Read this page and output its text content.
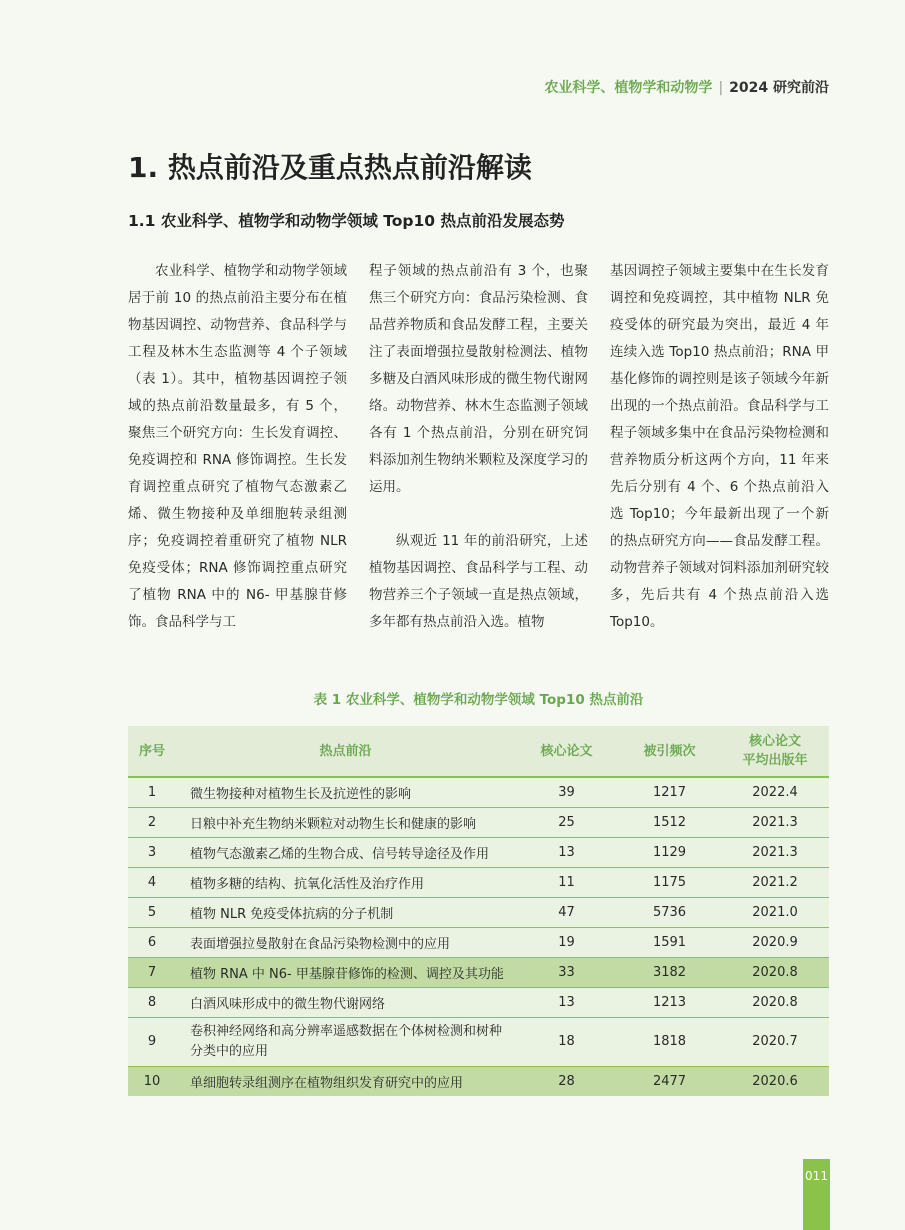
农业科学、植物学和动物学 | 2024 研究前沿
1. 热点前沿及重点热点前沿解读
1.1 农业科学、植物学和动物学领域 Top10 热点前沿发展态势

农业科学、植物学和动物学领域居于前 10 的热点前沿主要分布在植物基因调控、动物营养、食品科学与工程及林木生态监测等 4 个子领域（表 1）。其中，植物基因调控子领域的热点前沿数量最多，有 5 个，聚焦三个研究方向：生长发育调控、免疫调控和 RNA 修饰调控。生长发育调控重点研究了植物气态激素乙烯、微生物接种及单细胞转录组测序；免疫调控着重研究了植物 NLR 免疫受体；RNA 修饰调控重点研究了植物 RNA 中的 N6- 甲基腺苷修饰。食品科学与工

程子领域的热点前沿有 3 个，也聚焦三个研究方向：食品污染检测、食品营养物质和食品发酵工程，主要关注了表面增强拉曼散射检测法、植物多糖及白酒风味形成的微生物代谢网络。动物营养、林木生态监测子领域各有 1 个热点前沿，分别在研究饲料添加剂生物纳米颗粒及深度学习的运用。

纵观近 11 年的前沿研究，上述植物基因调控、食品科学与工程、动物营养三个子领域一直是热点领域，多年都有热点前沿入选。植物

基因调控子领域主要集中在生长发育调控和免疫调控，其中植物 NLR 免疫受体的研究最为突出，最近 4 年连续入选 Top10 热点前沿；RNA 甲基化修饰的调控则是该子领域今年新出现的一个热点前沿。食品科学与工程子领域多集中在食品污染物检测和营养物质分析这两个方向，11 年来先后分别有 4 个、6 个热点前沿入选 Top10；今年最新出现了一个新的热点研究方向——食品发酵工程。动物营养子领域对饲料添加剂研究较多，先后共有 4 个热点前沿入选 Top10。

表 1 农业科学、植物学和动物学领域 Top10 热点前沿
序号	热点前沿	核心论文	被引频次	核心论文
平均出版年
1	微生物接种对植物生长及抗逆性的影响	39	1217	2022.4
2	日粮中补充生物纳米颗粒对动物生长和健康的影响	25	1512	2021.3
3	植物气态激素乙烯的生物合成、信号转导途径及作用	13	1129	2021.3
4	植物多糖的结构、抗氧化活性及治疗作用	11	1175	2021.2
5	植物 NLR 免疫受体抗病的分子机制	47	5736	2021.0
6	表面增强拉曼散射在食品污染物检测中的应用	19	1591	2020.9
7	植物 RNA 中 N6- 甲基腺苷修饰的检测、调控及其功能	33	3182	2020.8
8	白酒风味形成中的微生物代谢网络	13	1213	2020.8
9	卷积神经网络和高分辨率遥感数据在个体树检测和树种
分类中的应用	18	1818	2020.7
10	单细胞转录组测序在植物组织发育研究中的应用	28	2477	2020.6
011
